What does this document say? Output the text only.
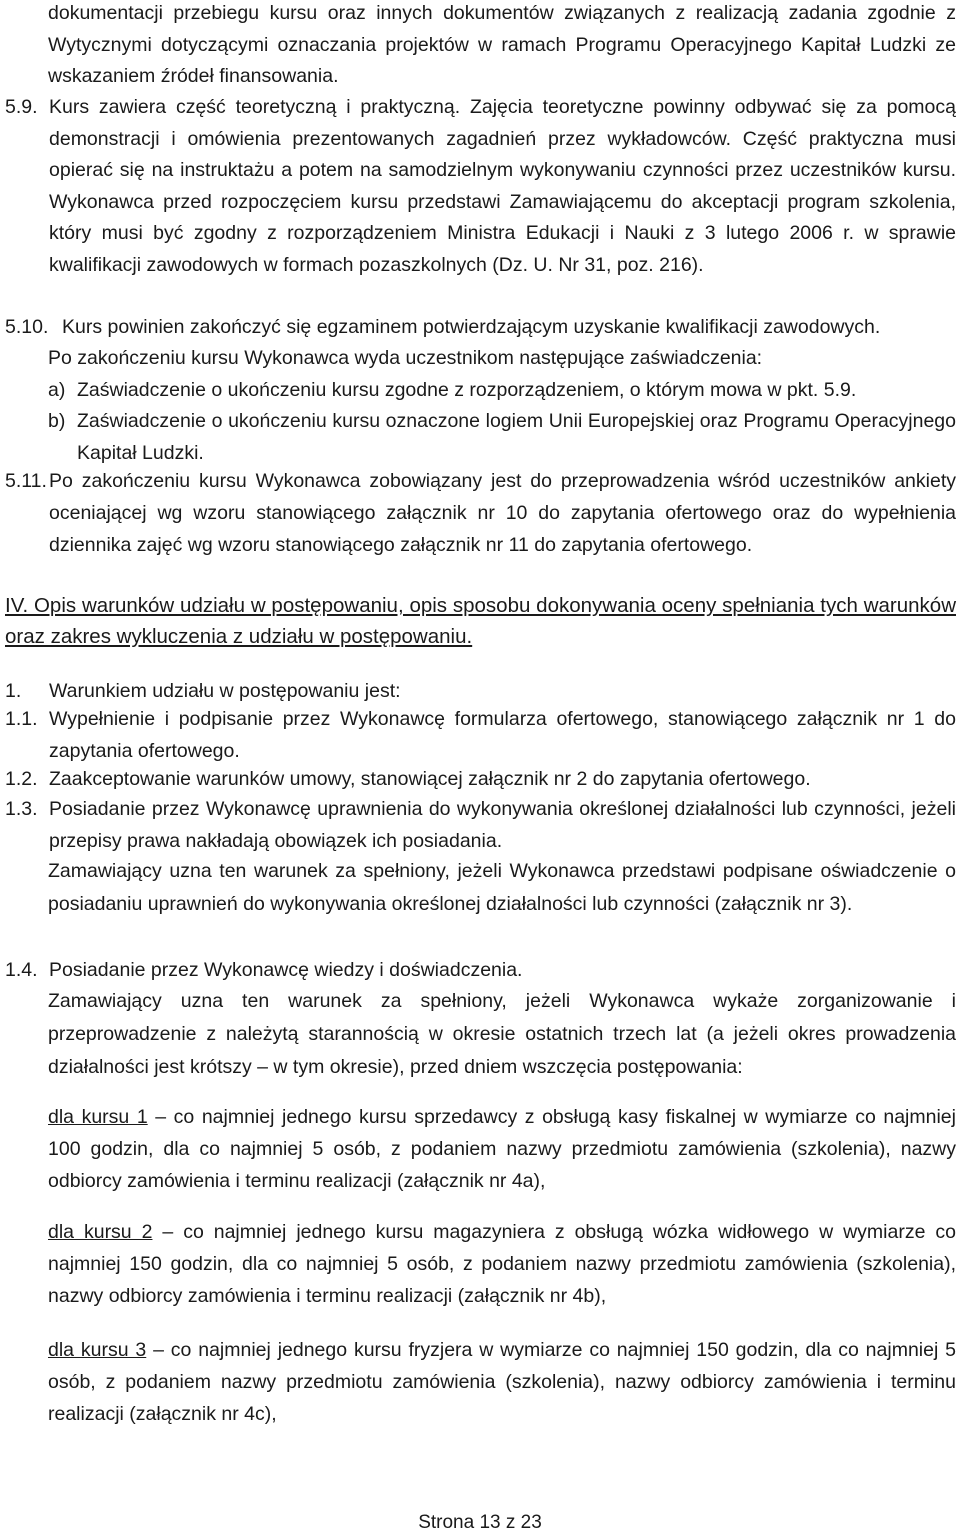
dokumentacji przebiegu kursu oraz innych dokumentów związanych z realizacją zadania zgodnie z Wytycznymi dotyczącymi oznaczania projektów w ramach Programu Operacyjnego Kapitał Ludzki ze wskazaniem źródeł finansowania.

5.9. Kurs zawiera część teoretyczną i praktyczną. Zajęcia teoretyczne powinny odbywać się za pomocą demonstracji i omówienia prezentowanych zagadnień przez wykładowców. Część praktyczna musi opierać się na instruktażu a potem na samodzielnym wykonywaniu czynności przez uczestników kursu. Wykonawca przed rozpoczęciem kursu przedstawi Zamawiającemu do akceptacji program szkolenia, który musi być zgodny z rozporządzeniem Ministra Edukacji i Nauki z 3 lutego 2006 r. w sprawie kwalifikacji zawodowych w formach pozaszkolnych (Dz. U. Nr 31, poz. 216).

5.10. Kurs powinien zakończyć się egzaminem potwierdzającym uzyskanie kwalifikacji zawodowych.

Po zakończeniu kursu Wykonawca wyda uczestnikom następujące zaświadczenia:

a) Zaświadczenie o ukończeniu kursu zgodne z rozporządzeniem, o którym mowa w pkt. 5.9.

b) Zaświadczenie o ukończeniu kursu oznaczone logiem Unii Europejskiej oraz Programu Operacyjnego Kapitał Ludzki.

5.11. Po zakończeniu kursu Wykonawca zobowiązany jest do przeprowadzenia wśród uczestników ankiety oceniającej wg wzoru stanowiącego załącznik nr 10 do zapytania ofertowego oraz do wypełnienia dziennika zajęć wg wzoru stanowiącego załącznik nr 11 do zapytania ofertowego.

IV. Opis warunków udziału w postępowaniu, opis sposobu dokonywania oceny spełniania tych warunków oraz zakres wykluczenia z udziału w postępowaniu.

1.	Warunkiem udziału w postępowaniu jest:

1.1. Wypełnienie i podpisanie przez Wykonawcę formularza ofertowego, stanowiącego załącznik nr 1 do zapytania ofertowego.

1.2. Zaakceptowanie warunków umowy, stanowiącej załącznik nr 2 do zapytania ofertowego.

1.3. Posiadanie przez Wykonawcę uprawnienia do wykonywania określonej działalności lub czynności, jeżeli przepisy prawa nakładają obowiązek ich posiadania.

Zamawiający uzna ten warunek za spełniony, jeżeli Wykonawca przedstawi podpisane oświadczenie o posiadaniu uprawnień do wykonywania określonej działalności lub czynności (załącznik nr 3).

1.4. Posiadanie przez Wykonawcę wiedzy i doświadczenia.

Zamawiający uzna ten warunek za spełniony, jeżeli Wykonawca wykaże zorganizowanie i przeprowadzenie z należytą starannością w okresie ostatnich trzech lat (a jeżeli okres prowadzenia działalności jest krótszy – w tym okresie), przed dniem wszczęcia postępowania:

dla kursu 1 – co najmniej jednego kursu sprzedawcy z obsługą kasy fiskalnej w wymiarze co najmniej 100 godzin, dla co najmniej 5 osób, z podaniem nazwy przedmiotu zamówienia (szkolenia), nazwy odbiorcy zamówienia i terminu realizacji (załącznik nr 4a),

dla kursu 2 – co najmniej jednego kursu magazyniera z obsługą wózka widłowego w wymiarze co najmniej 150 godzin, dla co najmniej 5 osób, z podaniem nazwy przedmiotu zamówienia (szkolenia), nazwy odbiorcy zamówienia i terminu realizacji (załącznik nr 4b),

dla kursu 3 – co najmniej jednego kursu fryzjera w wymiarze co najmniej 150 godzin, dla co najmniej 5 osób, z podaniem nazwy przedmiotu zamówienia (szkolenia), nazwy odbiorcy zamówienia i terminu realizacji (załącznik nr 4c),

Strona 13 z 23
